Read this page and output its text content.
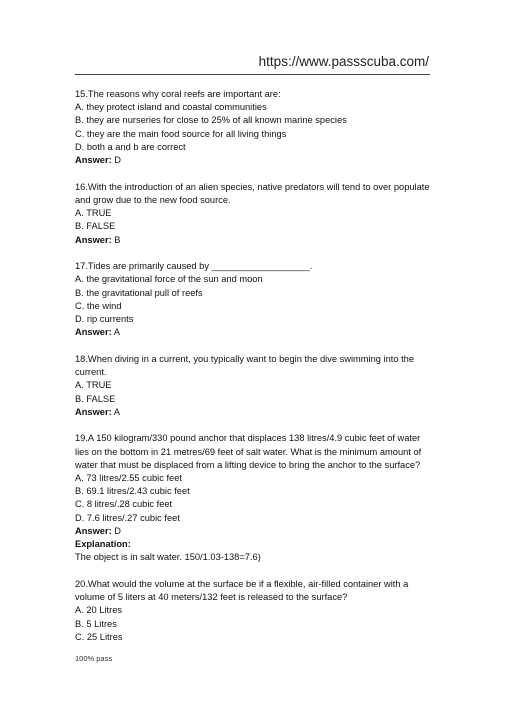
https://www.passscuba.com/
15.The reasons why coral reefs are important are:
A. they protect island and coastal communities
B. they are nurseries for close to 25% of all known marine species
C. they are the main food source for all living things
D. both a and b are correct
Answer: D
16.With the introduction of an alien species, native predators will tend to over populate and grow due to the new food source.
A. TRUE
B. FALSE
Answer: B
17.Tides are primarily caused by ___________________.
A. the gravitational force of the sun and moon
B. the gravitational pull of reefs
C. the wind
D. rip currents
Answer: A
18.When diving in a current, you typically want to begin the dive swimming into the current.
A. TRUE
B. FALSE
Answer: A
19.A 150 kilogram/330 pound anchor that displaces 138 litres/4.9 cubic feet of water lies on the bottom in 21 metres/69 feet of salt water. What is the minimum amount of water that must be displaced from a lifting device to bring the anchor to the surface?
A. 73 litres/2.55 cubic feet
B. 69.1 litres/2.43 cubic feet
C. 8 litres/.28 cubic feet
D. 7.6 litres/.27 cubic feet
Answer: D
Explanation:
The object is in salt water. 150/1.03-138=7.6)
20.What would the volume at the surface be if a flexible, air-filled container with a volume of 5 liters at 40 meters/132 feet is released to the surface?
A. 20 Litres
B. 5 Litres
C. 25 Litres
100% pass
